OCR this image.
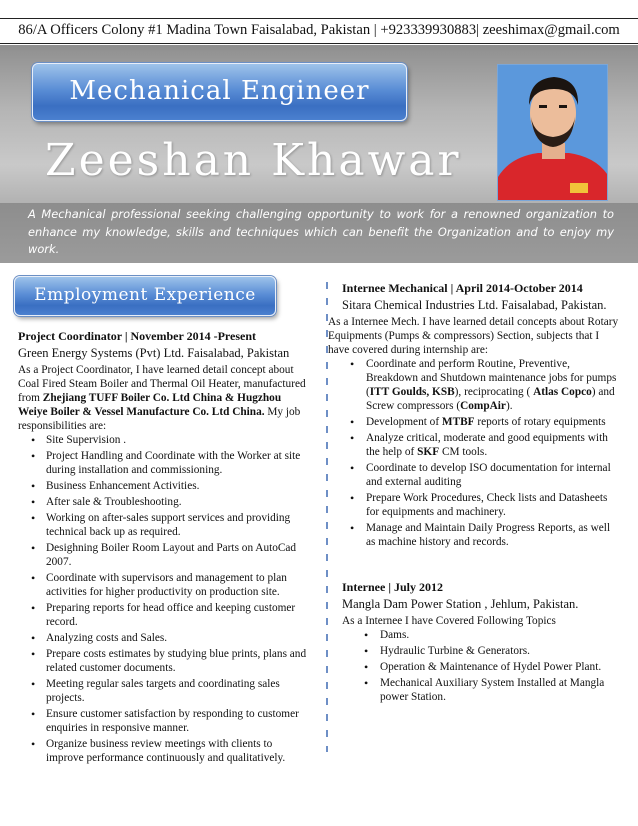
86/A Officers Colony #1 Madina Town Faisalabad, Pakistan | +923339930883| zeeshimax@gmail.com
Mechanical Engineer
Zeeshan Khawar
A Mechanical professional seeking challenging opportunity to work for a renowned organization to enhance my knowledge, skills and techniques which can benefit the Organization and to enjoy my work.
Employment Experience
Project Coordinator | November 2014 -Present
Green Energy Systems (Pvt) Ltd. Faisalabad, Pakistan
As a Project Coordinator, I have learned detail concept about Coal Fired Steam Boiler and Thermal Oil Heater, manufactured from Zhejiang TUFF Boiler Co. Ltd China & Hugzhou Weiye Boiler & Vessel Manufacture Co. Ltd China. My job responsibilities are:
• Site Supervision .
• Project Handling and Coordinate with the Worker at site during installation and commissioning.
• Business Enhancement Activities.
• After sale & Troubleshooting.
• Working on after-sales support services and providing technical back up as required.
• Desighning Boiler Room Layout and Parts on AutoCad 2007.
• Coordinate with supervisors and management to plan activities for higher productivity on production site.
• Preparing reports for head office and keeping customer record.
• Analyzing costs and Sales.
• Prepare costs estimates by studying blue prints, plans and related customer documents.
• Meeting regular sales targets and coordinating sales projects.
• Ensure customer satisfaction by responding to customer enquiries in responsive manner.
• Organize business review meetings with clients to improve performance continuously and qualitatively.
Internee Mechanical | April 2014-October 2014
Sitara Chemical Industries Ltd. Faisalabad, Pakistan.
As a Internee Mech. I have learned detail concepts about Rotary Equipments (Pumps & compressors) Section, subjects that I have covered during internship are:
• Coordinate and perform Routine, Preventive, Breakdown and Shutdown maintenance jobs for pumps (ITT Goulds, KSB), reciprocating ( Atlas Copco) and Screw compressors (CompAir).
• Development of MTBF reports of rotary equipments
• Analyze critical, moderate and good equipments with the help of SKF CM tools.
• Coordinate to develop ISO documentation for internal and external auditing
• Prepare Work Procedures, Check lists and Datasheets for equipments and machinery.
• Manage and Maintain Daily Progress Reports, as well as machine history and records.
Internee | July 2012
Mangla Dam Power Station , Jehlum, Pakistan.
As a Internee I have Covered Following Topics
• Dams.
• Hydraulic Turbine & Generators.
• Operation & Maintenance of Hydel Power Plant.
• Mechanical Auxiliary System Installed at Mangla power Station.
